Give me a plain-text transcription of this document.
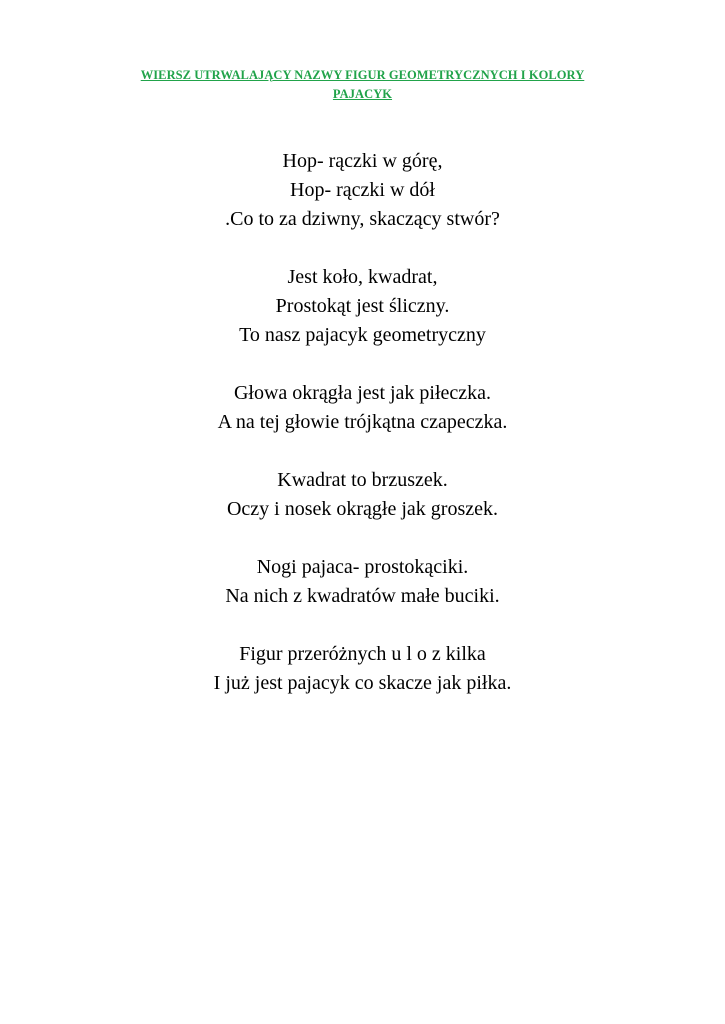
WIERSZ UTRWALAJĄCY NAZWY FIGUR GEOMETRYCZNYCH I KOLORY
PAJACYK
Hop- rączki w górę,
Hop- rączki w dół
.Co to za dziwny, skaczący stwór?
Jest koło, kwadrat,
Prostokąt jest śliczny.
To nasz pajacyk geometryczny
Głowa okrągła jest jak piłeczka.
A na tej głowie trójkątna czapeczka.
Kwadrat to brzuszek.
Oczy i nosek okrągłe jak groszek.
Nogi pajaca- prostokąciki.
Na nich z kwadratów małe buciki.
Figur przeróżnych u l o z kilka
I już jest pajacyk co skacze jak piłka.
